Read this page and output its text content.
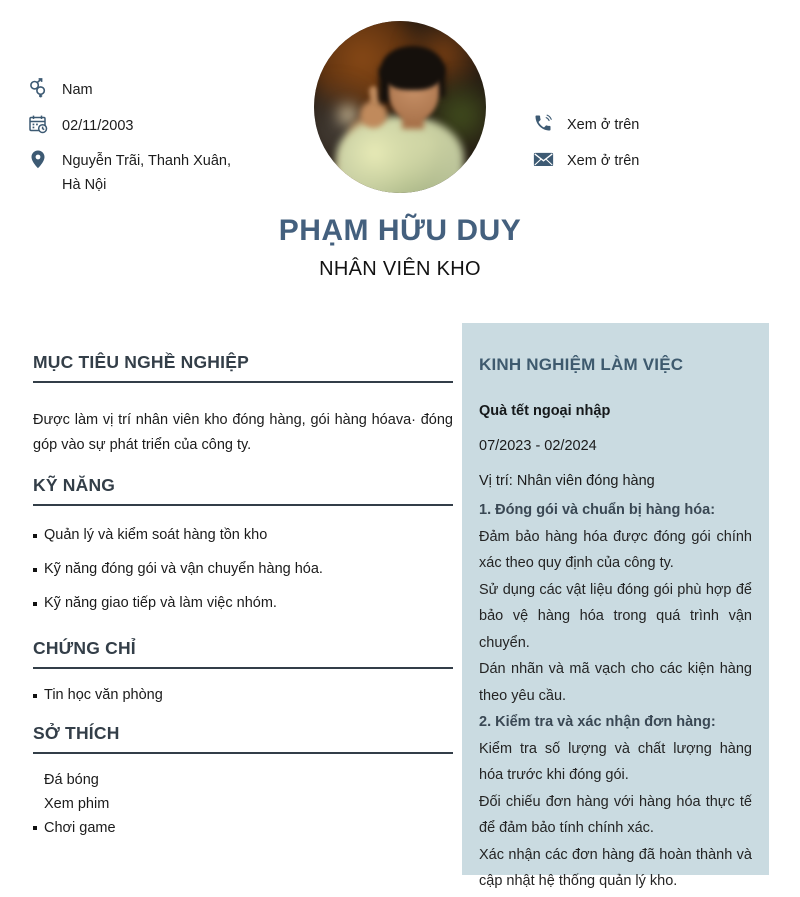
Nam
02/11/2003
Nguyễn Trãi, Thanh Xuân, Hà Nội
Xem ở trên
Xem ở trên
PHẠM HỮU DUY
NHÂN VIÊN KHO
MỤC TIÊU NGHỀ NGHIỆP

Được làm vị trí nhân viên kho đóng hàng, gói hàng hóava· đóng góp vào sự phát triển của công ty.

KỸ NĂNG
Quản lý và kiểm soát hàng tồn kho
Kỹ năng đóng gói và vận chuyển hàng hóa.
Kỹ năng giao tiếp và làm việc nhóm.
CHỨNG CHỈ
Tin học văn phòng
SỞ THÍCH
Đá bóng
Xem phim
Chơi game
KINH NGHIỆM LÀM VIỆC
Quà tết ngoại nhập
07/2023 - 02/2024
Vị trí: Nhân viên đóng hàng
1. Đóng gói và chuẩn bị hàng hóa:

Đảm bảo hàng hóa được đóng gói chính xác theo quy định của công ty.

Sử dụng các vật liệu đóng gói phù hợp để bảo vệ hàng hóa trong quá trình vận chuyển.

Dán nhãn và mã vạch cho các kiện hàng theo yêu cầu.

2. Kiểm tra và xác nhận đơn hàng:

Kiểm tra số lượng và chất lượng hàng hóa trước khi đóng gói.

Đối chiếu đơn hàng với hàng hóa thực tế để đảm bảo tính chính xác.

Xác nhận các đơn hàng đã hoàn thành và cập nhật hệ thống quản lý kho.
